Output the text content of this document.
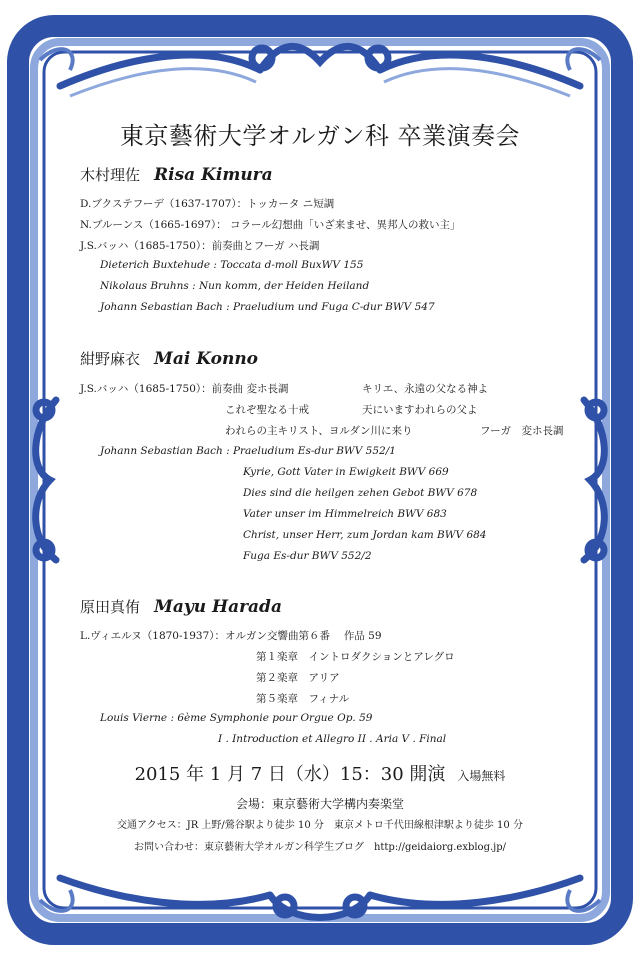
東京藝術大学オルガン科 卒業演奏会
木村理佐 Risa Kimura
D.ブクステフーデ（1637-1707）：トッカータ ニ短調
N.ブルーンス（1665-1697）： コラール幻想曲「いざ来ませ、異邦人の救い主」
J.S.バッハ（1685-1750）：前奏曲とフーガ ハ長調
Dieterich Buxtehude : Toccata d-moll BuxWV 155
Nikolaus Bruhns : Nun komm, der Heiden Heiland
Johann Sebastian Bach : Praeludium und Fuga C-dur BWV 547
紺野麻衣 Mai Konno
J.S.バッハ（1685-1750）：前奏曲 変ホ長調	キリエ、永遠の父なる神よ
これぞ聖なる十戒	天にいますわれらの父よ
われらの主キリスト、ヨルダン川に来り	フーガ　変ホ長調
Johann Sebastian Bach : Praeludium Es-dur BWV 552/1
Kyrie, Gott Vater in Ewigkeit BWV 669
Dies sind die heilgen zehen Gebot BWV 678
Vater unser im Himmelreich BWV 683
Christ, unser Herr, zum Jordan kam BWV 684
Fuga Es-dur BWV 552/2
原田真侑 Mayu Harada
L.ヴィエルヌ（1870-1937）：オルガン交響曲第６番　 作品 59
第１楽章　イントロダクションとアレグロ
第２楽章　アリア
第５楽章　フィナル
Louis Vierne : 6ème Symphonie pour Orgue Op. 59
I . Introduction et Allegro II . Aria V . Final
2015 年 1 月 7 日（水）15：30 開演 入場無料
会場：東京藝術大学構内奏楽堂
交通アクセス：JR 上野/鶯谷駅より徒歩 10 分　東京メトロ千代田線根津駅より徒歩 10 分
お問い合わせ：東京藝術大学オルガン科学生ブログ　http://geidaiorg.exblog.jp/
